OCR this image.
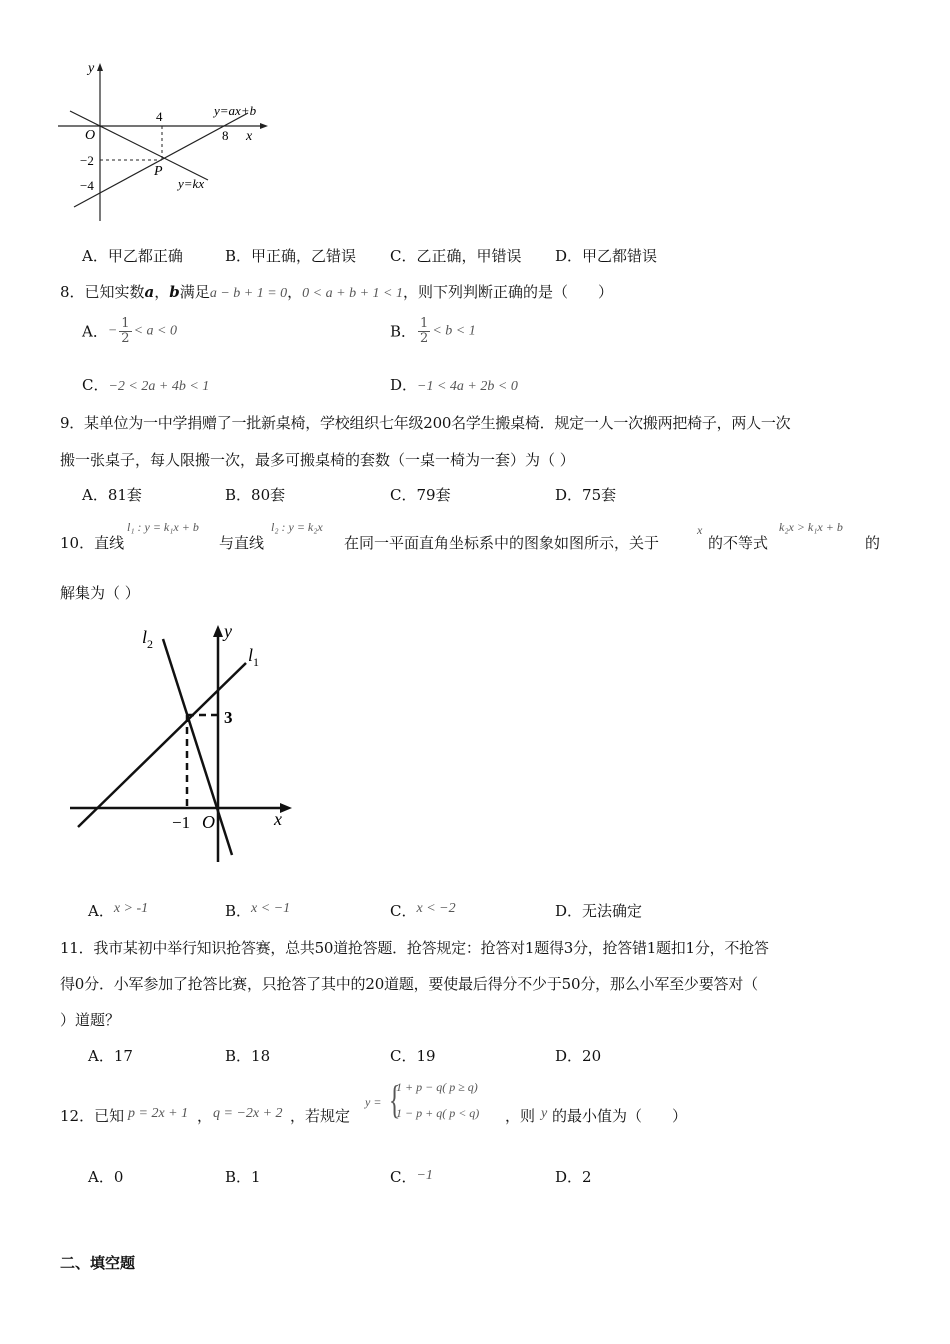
y
O
4
8 x
−2
−4
P
y=ax+b
y=kx
A．甲乙都正确	B．甲正确，乙错误 C．乙正确，甲错误 D．甲乙都错误
8．已知实数a，b满足a − b + 1 = 0，0 < a + b + 1 < 1，则下列判断正确的是（　　）
A．− $\frac{1}{2} < a < 0$	B． $\frac{1}{2} < b < 1$
C．−2 < 2a + 4b < 1	D．−1 < 4a + 2b < 0
9．某单位为一中学捐赠了一批新桌椅，学校组织七年级200名学生搬桌椅．规定一人一次搬两把椅子，两人一次
搬一张桌子，每人限搬一次，最多可搬桌椅的套数（一桌一椅为一套）为（ ）
A．81套	B．80套	C．79套	D．75套
10．直线
l₁ : y = k₁x + b
与直线
l₂ : y = k₂x
在同一平面直角坐标系中的图象如图所示，关于
x
的不等式
k₂x > k₁x + b
的
解集为（ ）
$l_2$
$l_1$
y
3
−1 O	x
A．x > -1	B．x < −1	C．x < −2	D．无法确定
11．我市某初中举行知识抢答赛，总共50道抢答题．抢答规定：抢答对1题得3分，抢答错1题扣1分，不抢答
得0分．小军参加了抢答比赛，只抢答了其中的20道题，要使最后得分不少于50分，那么小军至少要答对（
）道题？
A．17	B．18	C．19	D．20
12．已知 p = 2x + 1 ， q = −2x + 2 ，若规定
y = {
1 + p − q( p ≥ q)
1 − p + q( p < q) ，则 y 的最小值为（　　）
A．0	B．1	C．−1	D．2
二、填空题
